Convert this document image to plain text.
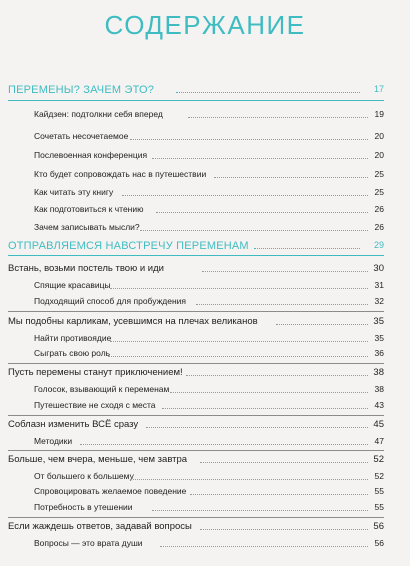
СОДЕРЖАНИЕ
ПЕРЕМЕНЫ? ЗАЧЕМ ЭТО?	17
Кайдзен: подтолкни себя вперед	19
Сочетать несочетаемое	20
Послевоенная конференция	20
Кто будет сопровождать нас в путешествии	25
Как читать эту книгу	25
Как подготовиться к чтению	26
Зачем записывать мысли?	26
ОТПРАВЛЯЕМСЯ НАВСТРЕЧУ ПЕРЕМЕНАМ	29
Встань, возьми постель твою и иди	30
Спящие красавицы	31
Подходящий способ для пробуждения	32
Мы подобны карликам, усевшимся на плечах великанов	35
Найти противоядие	35
Сыграть свою роль	36
Пусть перемены станут приключением!	38
Голосок, взывающий к переменам	38
Путешествие не сходя с места	43
Соблазн изменить ВСЁ сразу	45
Методики	47
Больше, чем вчера, меньше, чем завтра	52
От большего к большему	52
Спровоцировать желаемое поведение	55
Потребность в утешении	55
Если жаждешь ответов, задавай вопросы	56
Вопросы — это врата души	56
